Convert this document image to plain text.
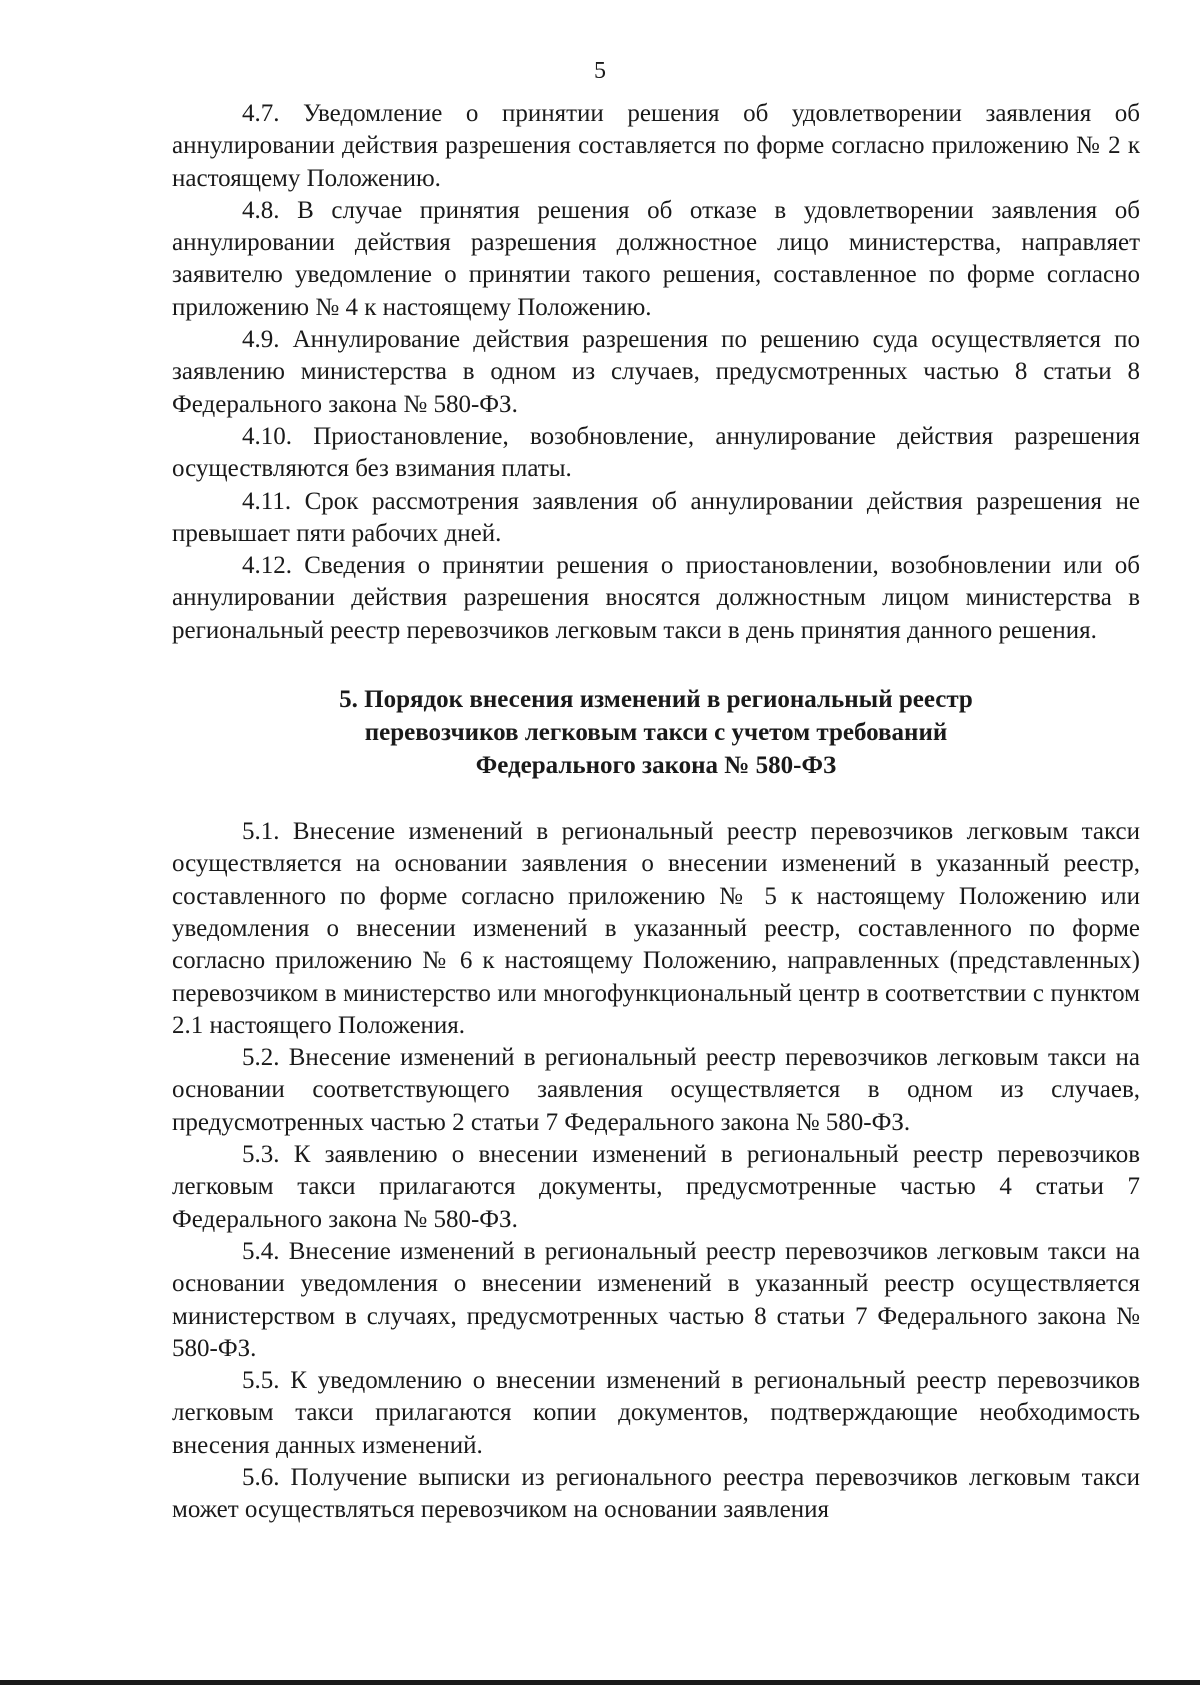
5

4.7. Уведомление о принятии решения об удовлетворении заявления об аннулировании действия разрешения составляется по форме согласно приложению № 2 к настоящему Положению.

4.8. В случае принятия решения об отказе в удовлетворении заявления об аннулировании действия разрешения должностное лицо министерства, направляет заявителю уведомление о принятии такого решения, составленное по форме согласно приложению № 4 к настоящему Положению.

4.9. Аннулирование действия разрешения по решению суда осуществляется по заявлению министерства в одном из случаев, предусмотренных частью 8 статьи 8 Федерального закона № 580-ФЗ.

4.10. Приостановление, возобновление, аннулирование действия разрешения осуществляются без взимания платы.

4.11. Срок рассмотрения заявления об аннулировании действия разрешения не превышает пяти рабочих дней.

4.12. Сведения о принятии решения о приостановлении, возобновлении или об аннулировании действия разрешения вносятся должностным лицом министерства в региональный реестр перевозчиков легковым такси в день принятия данного решения.

5. Порядок внесения изменений в региональный реестр
перевозчиков легковым такси с учетом требований
Федерального закона № 580-ФЗ

5.1. Внесение изменений в региональный реестр перевозчиков легковым такси осуществляется на основании заявления о внесении изменений в указанный реестр, составленного по форме согласно приложению № 5 к настоящему Положению или уведомления о внесении изменений в указанный реестр, составленного по форме согласно приложению № 6 к настоящему Положению, направленных (представленных) перевозчиком в министерство или многофункциональный центр в соответствии с пунктом 2.1 настоящего Положения.

5.2. Внесение изменений в региональный реестр перевозчиков легковым такси на основании соответствующего заявления осуществляется в одном из случаев, предусмотренных частью 2 статьи 7 Федерального закона № 580-ФЗ.

5.3. К заявлению о внесении изменений в региональный реестр перевозчиков легковым такси прилагаются документы, предусмотренные частью 4 статьи 7 Федерального закона № 580-ФЗ.

5.4. Внесение изменений в региональный реестр перевозчиков легковым такси на основании уведомления о внесении изменений в указанный реестр осуществляется министерством в случаях, предусмотренных частью 8 статьи 7 Федерального закона № 580-ФЗ.

5.5. К уведомлению о внесении изменений в региональный реестр перевозчиков легковым такси прилагаются копии документов, подтверждающие необходимость внесения данных изменений.

5.6. Получение выписки из регионального реестра перевозчиков легковым такси может осуществляться перевозчиком на основании заявления
